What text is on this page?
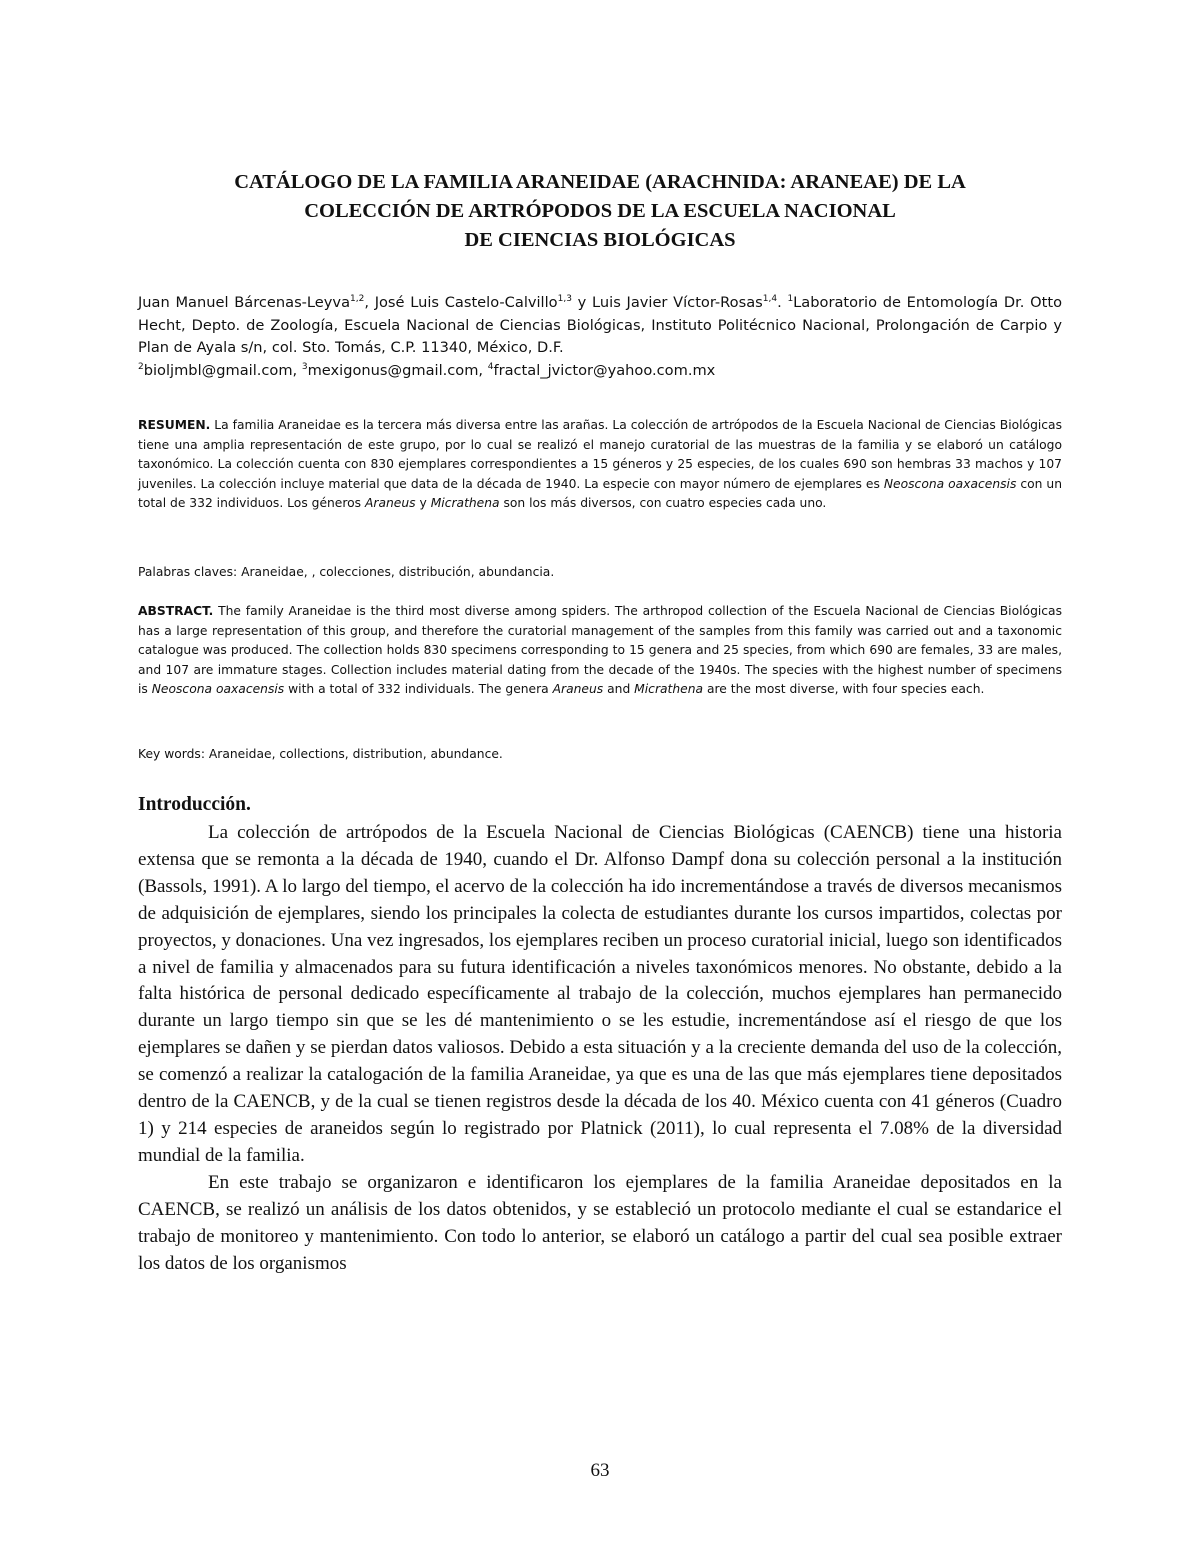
CATÁLOGO DE LA FAMILIA ARANEIDAE (ARACHNIDA: ARANEAE) DE LA
COLECCIÓN DE ARTRÓPODOS DE LA ESCUELA NACIONAL
DE CIENCIAS BIOLÓGICAS
Juan Manuel Bárcenas-Leyva$^{1,2}$, José Luis Castelo-Calvillo$^{1,3}$ y Luis Javier Víctor-Rosas$^{1,4}$. $^1$Laboratorio de Entomología Dr. Otto Hecht, Depto. de Zoología, Escuela Nacional de Ciencias Biológicas, Instituto Politécnico Nacional, Prolongación de Carpio y Plan de Ayala s/n, col. Sto. Tomás, C.P. 11340, México, D.F.
$^2$bioljmbl@gmail.com, $^3$mexigonus@gmail.com, $^4$fractal_jvictor@yahoo.com.mx
RESUMEN. La familia Araneidae es la tercera más diversa entre las arañas. La colección de artrópodos de la Escuela Nacional de Ciencias Biológicas tiene una amplia representación de este grupo, por lo cual se realizó el manejo curatorial de las muestras de la familia y se elaboró un catálogo taxonómico. La colección cuenta con 830 ejemplares correspondientes a 15 géneros y 25 especies, de los cuales 690 son hembras 33 machos y 107 juveniles. La colección incluye material que data de la década de 1940. La especie con mayor número de ejemplares es Neoscona oaxacensis con un total de 332 individuos. Los géneros Araneus y Micrathena son los más diversos, con cuatro especies cada uno.
Palabras claves: Araneidae, , colecciones, distribución, abundancia.
ABSTRACT. The family Araneidae is the third most diverse among spiders. The arthropod collection of the Escuela Nacional de Ciencias Biológicas has a large representation of this group, and therefore the curatorial management of the samples from this family was carried out and a taxonomic catalogue was produced. The collection holds 830 specimens corresponding to 15 genera and 25 species, from which 690 are females, 33 are males, and 107 are immature stages. Collection includes material dating from the decade of the 1940s. The species with the highest number of specimens is Neoscona oaxacensis with a total of 332 individuals. The genera Araneus and Micrathena are the most diverse, with four species each.
Key words: Araneidae, collections, distribution, abundance.
Introducción.

La colección de artrópodos de la Escuela Nacional de Ciencias Biológicas (CAENCB) tiene una historia extensa que se remonta a la década de 1940, cuando el Dr. Alfonso Dampf dona su colección personal a la institución (Bassols, 1991). A lo largo del tiempo, el acervo de la colección ha ido incrementándose a través de diversos mecanismos de adquisición de ejemplares, siendo los principales la colecta de estudiantes durante los cursos impartidos, colectas por proyectos, y donaciones. Una vez ingresados, los ejemplares reciben un proceso curatorial inicial, luego son identificados a nivel de familia y almacenados para su futura identificación a niveles taxonómicos menores. No obstante, debido a la falta histórica de personal dedicado específicamente al trabajo de la colección, muchos ejemplares han permanecido durante un largo tiempo sin que se les dé mantenimiento o se les estudie, incrementándose así el riesgo de que los ejemplares se dañen y se pierdan datos valiosos. Debido a esta situación y a la creciente demanda del uso de la colección, se comenzó a realizar la catalogación de la familia Araneidae, ya que es una de las que más ejemplares tiene depositados dentro de la CAENCB, y de la cual se tienen registros desde la década de los 40. México cuenta con 41 géneros (Cuadro 1) y 214 especies de araneidos según lo registrado por Platnick (2011), lo cual representa el 7.08% de la diversidad mundial de la familia.

En este trabajo se organizaron e identificaron los ejemplares de la familia Araneidae depositados en la CAENCB, se realizó un análisis de los datos obtenidos, y se estableció un protocolo mediante el cual se estandarice el trabajo de monitoreo y mantenimiento. Con todo lo anterior, se elaboró un catálogo a partir del cual sea posible extraer los datos de los organismos

63
